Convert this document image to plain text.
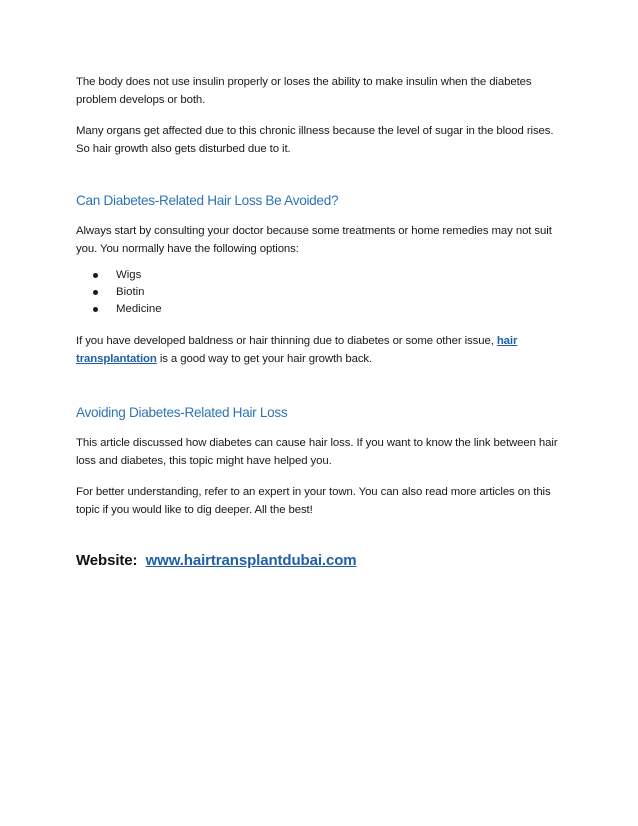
The body does not use insulin properly or loses the ability to make insulin when the diabetes problem develops or both.

Many organs get affected due to this chronic illness because the level of sugar in the blood rises. So hair growth also gets disturbed due to it.

Can Diabetes-Related Hair Loss Be Avoided?

Always start by consulting your doctor because some treatments or home remedies may not suit you. You normally have the following options:

Wigs
Biotin
Medicine

If you have developed baldness or hair thinning due to diabetes or some other issue, hair transplantation is a good way to get your hair growth back.

Avoiding Diabetes-Related Hair Loss

This article discussed how diabetes can cause hair loss. If you want to know the link between hair loss and diabetes, this topic might have helped you.

For better understanding, refer to an expert in your town. You can also read more articles on this topic if you would like to dig deeper. All the best!

Website: www.hairtransplantdubai.com
